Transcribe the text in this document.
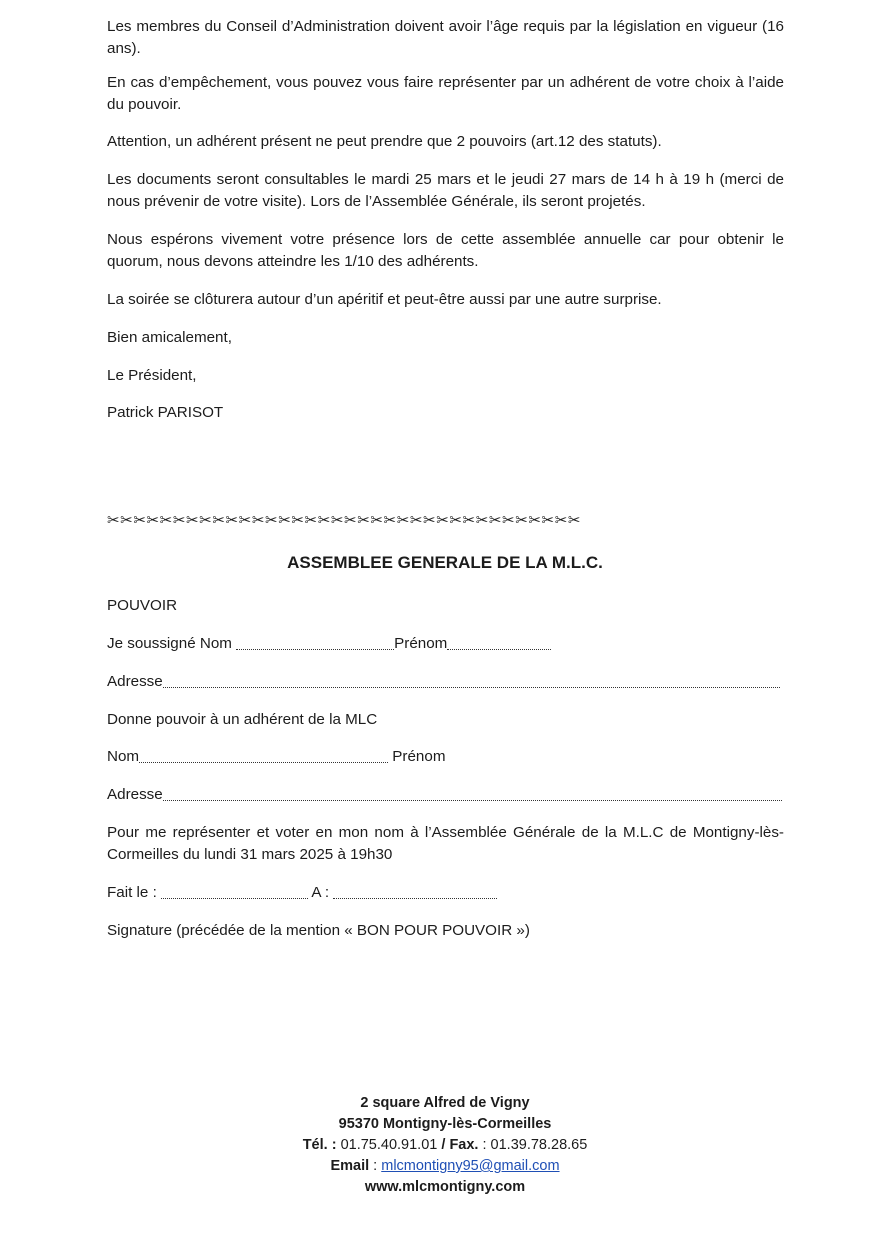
Les membres du Conseil d’Administration doivent avoir l’âge requis par la législation en vigueur (16 ans).

En cas d’empêchement, vous pouvez vous faire représenter par un adhérent de votre choix à l’aide du pouvoir.

Attention, un adhérent présent ne peut prendre que 2 pouvoirs (art.12 des statuts).

Les documents seront consultables le mardi 25 mars et le jeudi 27 mars de 14 h à 19 h (merci de nous prévenir de votre visite). Lors de l’Assemblée Générale, ils seront projetés.

Nous espérons vivement votre présence lors de cette assemblée annuelle car pour obtenir le quorum, nous devons atteindre les 1/10 des adhérents.

La soirée se clôturera autour d’un apéritif et peut-être aussi par une autre surprise.

Bien amicalement,

Le Président,

Patrick PARISOT

✂✂✂✂✂✂✂✂✂✂✂✂✂✂✂✂✂✂✂✂✂✂✂✂✂✂✂✂✂✂✂✂✂✂✂✂
ASSEMBLEE GENERALE DE LA M.L.C.

POUVOIR

Je soussigné Nom	Prénom

Adresse

Donne pouvoir à un adhérent de la MLC

Nom	Prénom

Adresse

Pour me représenter et voter en mon nom à l’Assemblée Générale de la M.L.C de Montigny-lès-Cormeilles du lundi 31 mars 2025 à 19h30

Fait le :	A :

Signature (précédée de la mention « BON POUR POUVOIR »)

2 square Alfred de Vigny
95370 Montigny-lès-Cormeilles
Tél. : 01.75.40.91.01 / Fax. : 01.39.78.28.65
Email : mlcmontigny95@gmail.com
www.mlcmontigny.com
